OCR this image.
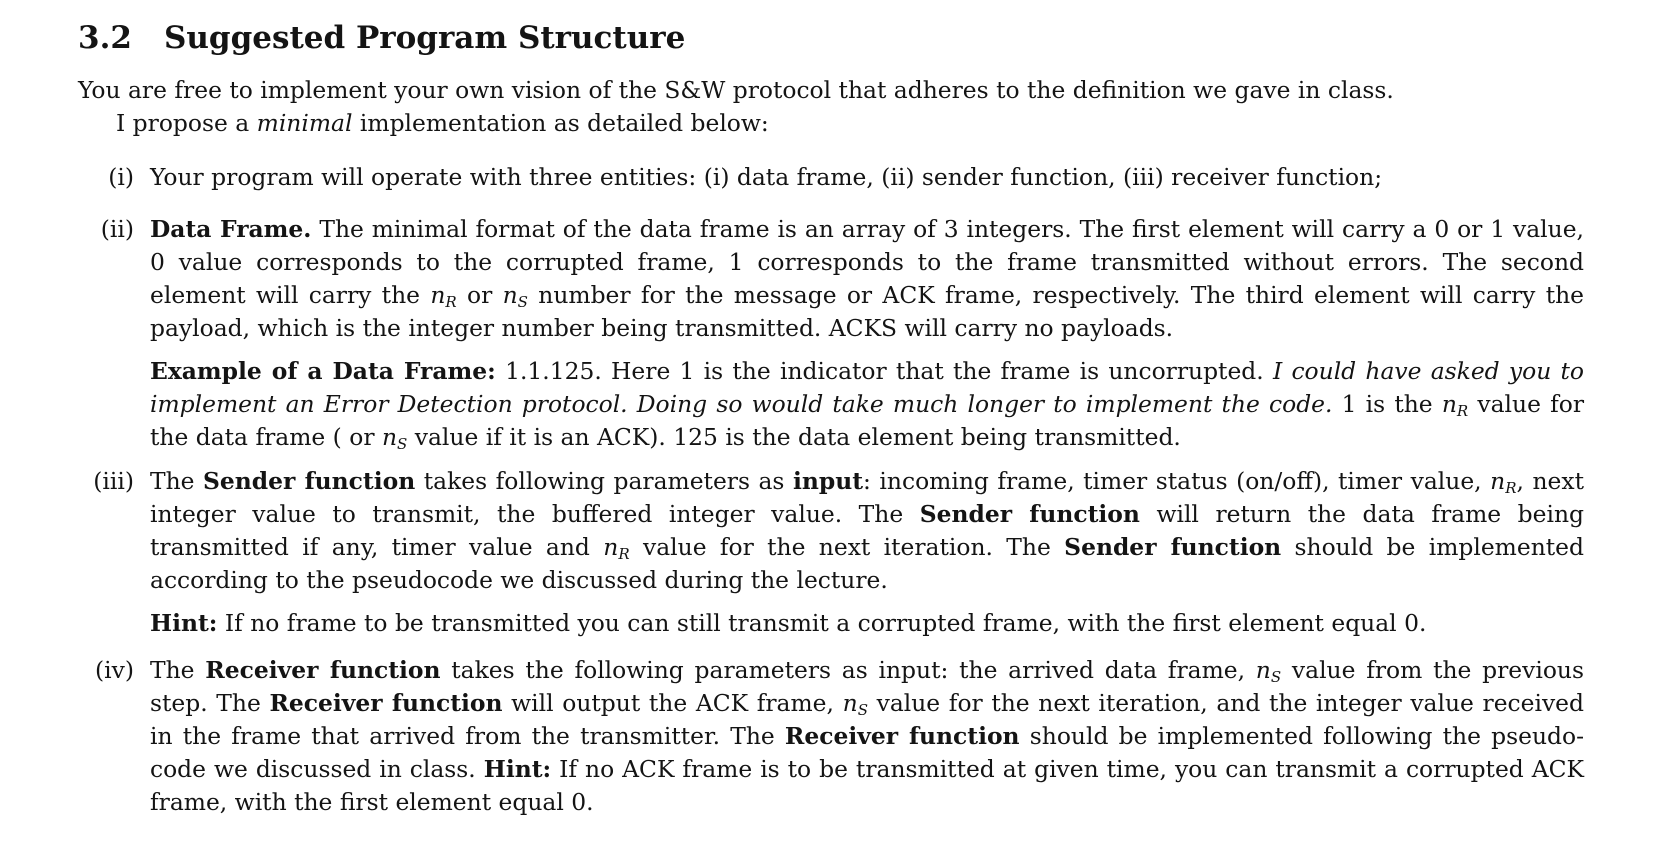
3.2 Suggested Program Structure

You are free to implement your own vision of the S&W protocol that adheres to the definition we gave in class.

I propose a minimal implementation as detailed below:

(i) Your program will operate with three entities: (i) data frame, (ii) sender function, (iii) receiver function;

(ii) Data Frame. The minimal format of the data frame is an array of 3 integers. The first element will carry a 0 or 1 value, 0 value corresponds to the corrupted frame, 1 corresponds to the frame transmitted without errors. The second element will carry the $n_R$ or $n_S$ number for the message or ACK frame, respectively. The third element will carry the payload, which is the integer number being transmitted. ACKS will carry no payloads.

Example of a Data Frame: 1.1.125. Here 1 is the indicator that the frame is uncorrupted. I could have asked you to implement an Error Detection protocol. Doing so would take much longer to implement the code. 1 is the $n_R$ value for the data frame ( or $n_S$ value if it is an ACK). 125 is the data element being transmitted.

(iii) The Sender function takes following parameters as input: incoming frame, timer status (on/off), timer value, $n_R$, next integer value to transmit, the buffered integer value. The Sender function will return the data frame being transmitted if any, timer value and $n_R$ value for the next iteration. The Sender function should be implemented according to the pseudocode we discussed during the lecture.

Hint: If no frame to be transmitted you can still transmit a corrupted frame, with the first element equal 0.

(iv) The Receiver function takes the following parameters as input: the arrived data frame, $n_S$ value from the previous step. The Receiver function will output the ACK frame, $n_S$ value for the next iteration, and the integer value received in the frame that arrived from the transmitter. The Receiver function should be implemented following the pseudo-code we discussed in class. Hint: If no ACK frame is to be transmitted at given time, you can transmit a corrupted ACK frame, with the first element equal 0.
